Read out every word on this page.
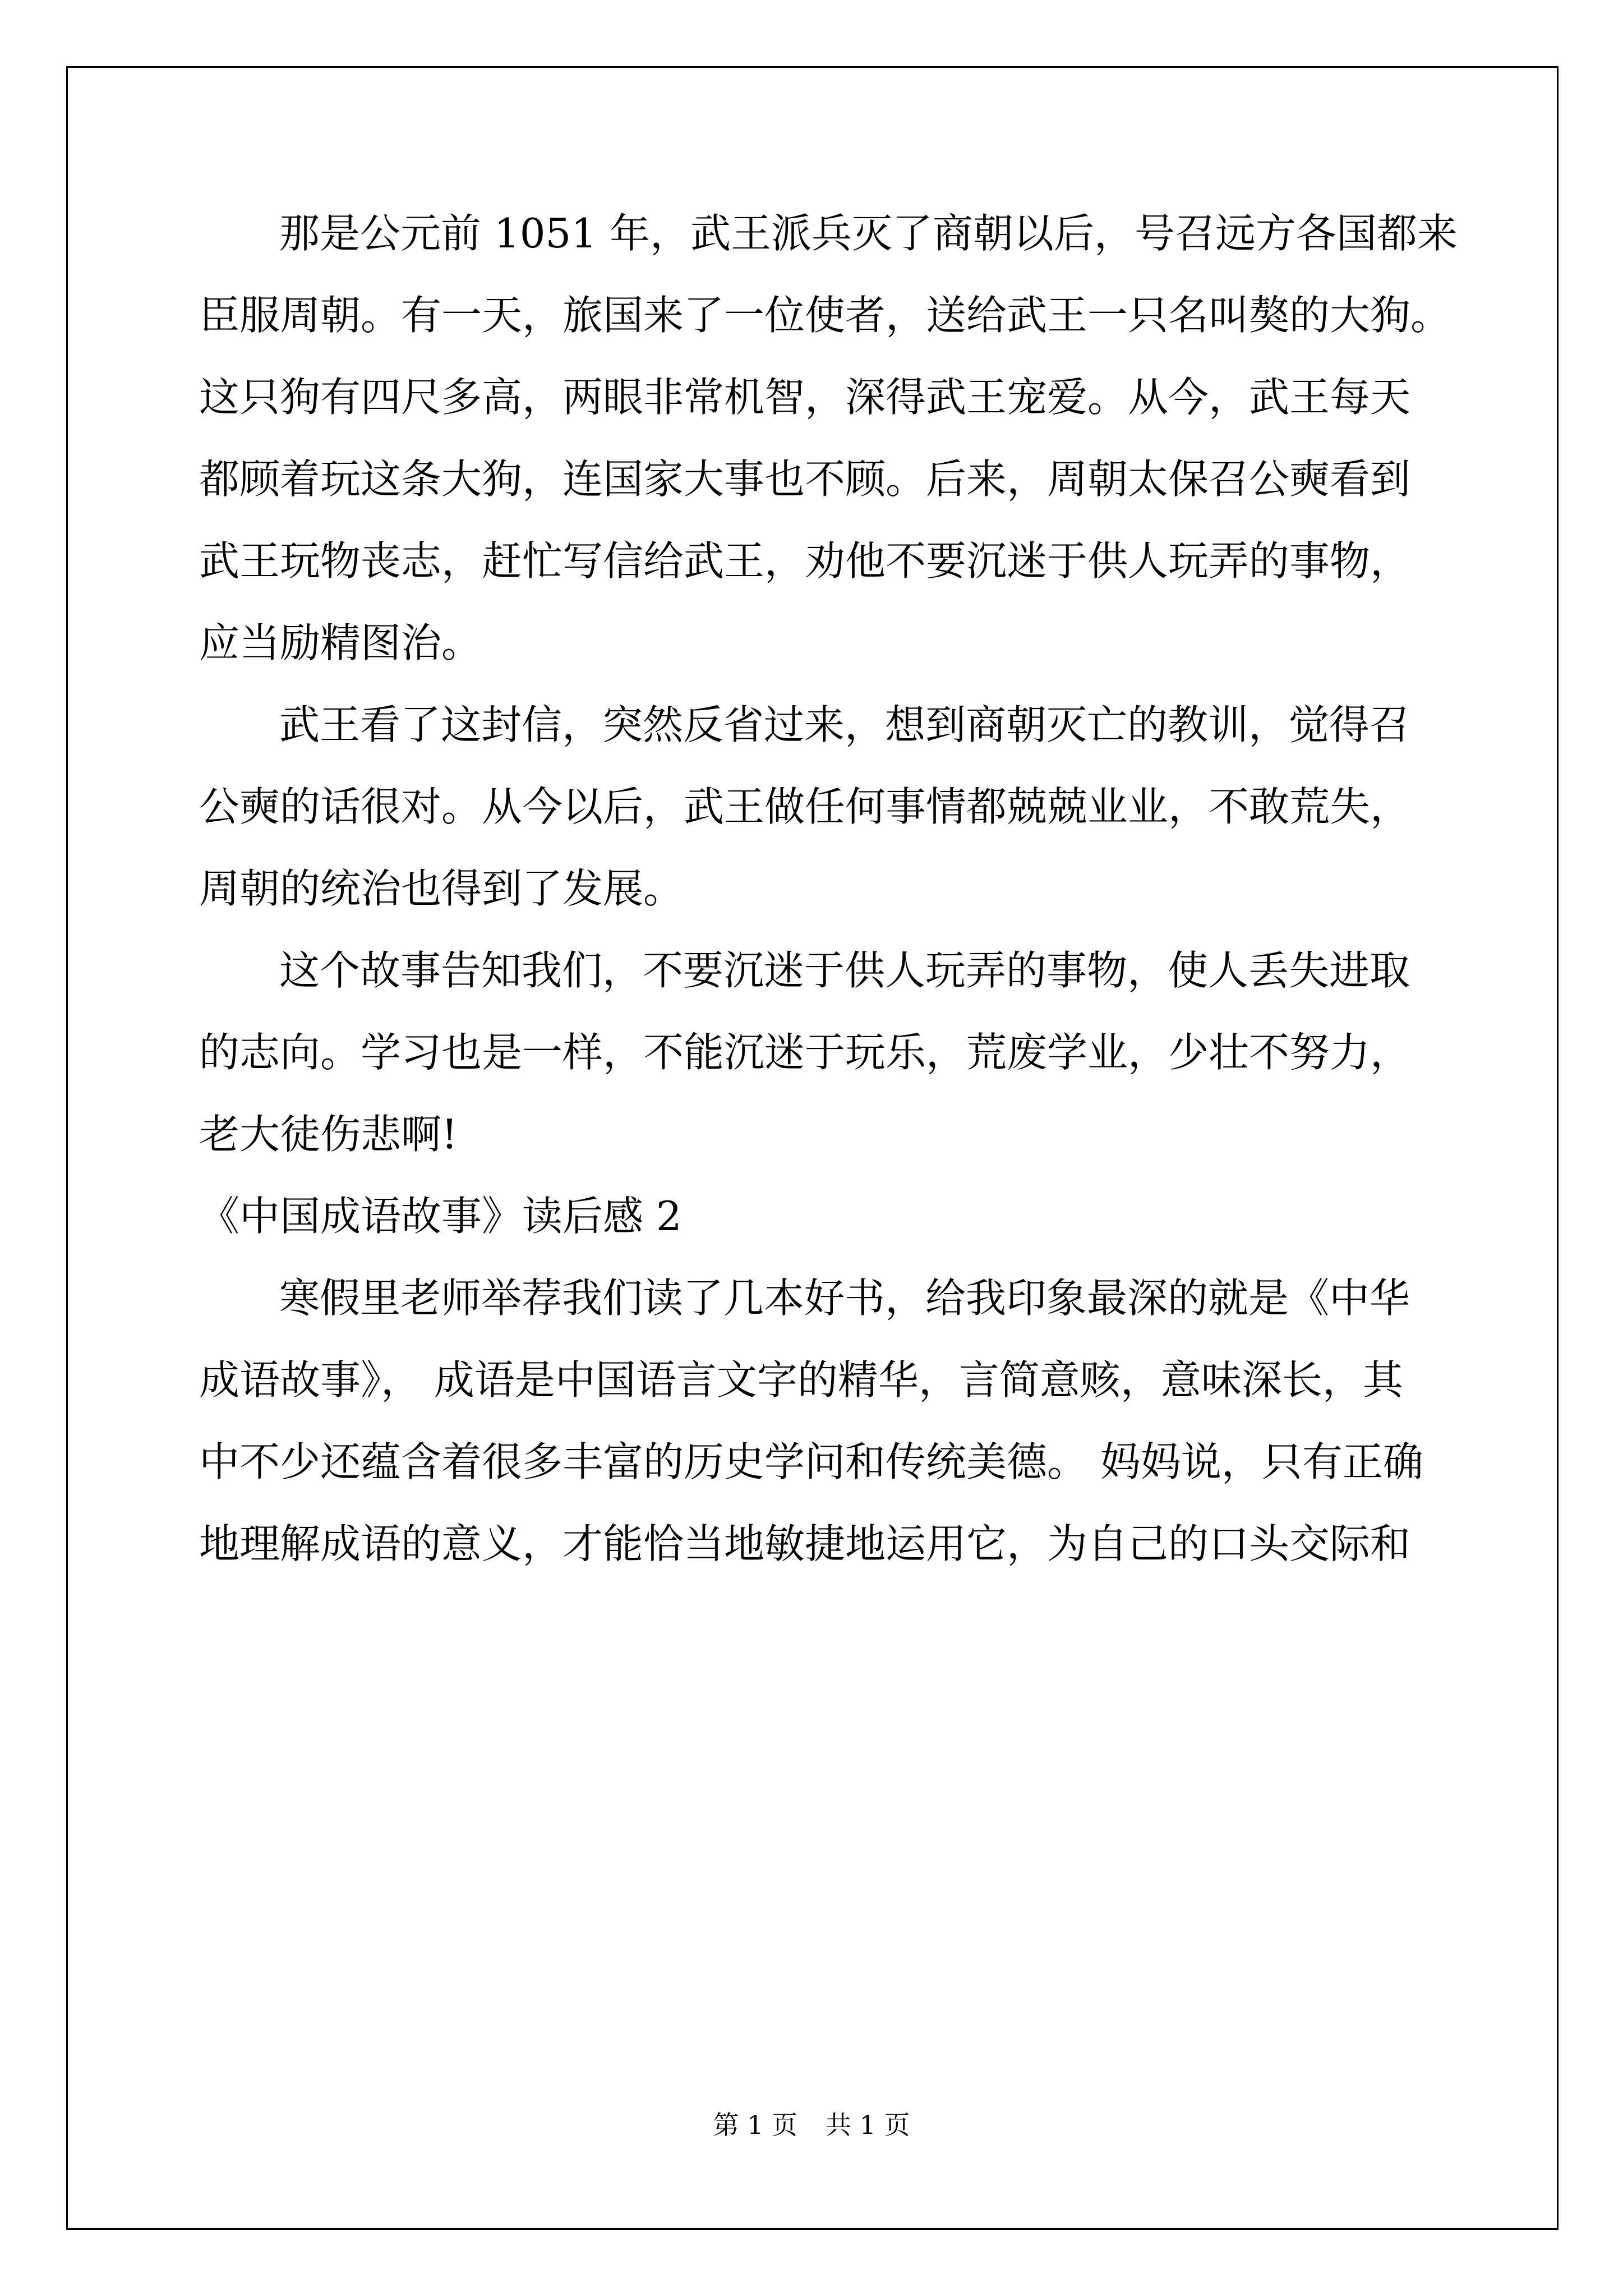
那是公元前 1051 年，武王派兵灭了商朝以后，号召远方各国都来
臣服周朝。有一天，旅国来了一位使者，送给武王一只名叫獒的大狗。
这只狗有四尺多高，两眼非常机智，深得武王宠爱。从今，武王每天
都顾着玩这条大狗，连国家大事也不顾。后来，周朝太保召公奭看到
武王玩物丧志，赶忙写信给武王，劝他不要沉迷于供人玩弄的事物，
应当励精图治。
武王看了这封信，突然反省过来，想到商朝灭亡的教训，觉得召
公奭的话很对。从今以后，武王做任何事情都兢兢业业，不敢荒失，
周朝的统治也得到了发展。
这个故事告知我们，不要沉迷于供人玩弄的事物，使人丢失进取
的志向。学习也是一样，不能沉迷于玩乐，荒废学业，少壮不努力，
老大徒伤悲啊!
《中国成语故事》读后感 2
寒假里老师举荐我们读了几本好书，给我印象最深的就是《中华
成语故事》， 成语是中国语言文字的精华，言简意赅，意味深长，其
中不少还蕴含着很多丰富的历史学问和传统美德。 妈妈说，只有正确
地理解成语的意义，才能恰当地敏捷地运用它，为自己的口头交际和
第 1 页 共 1 页
